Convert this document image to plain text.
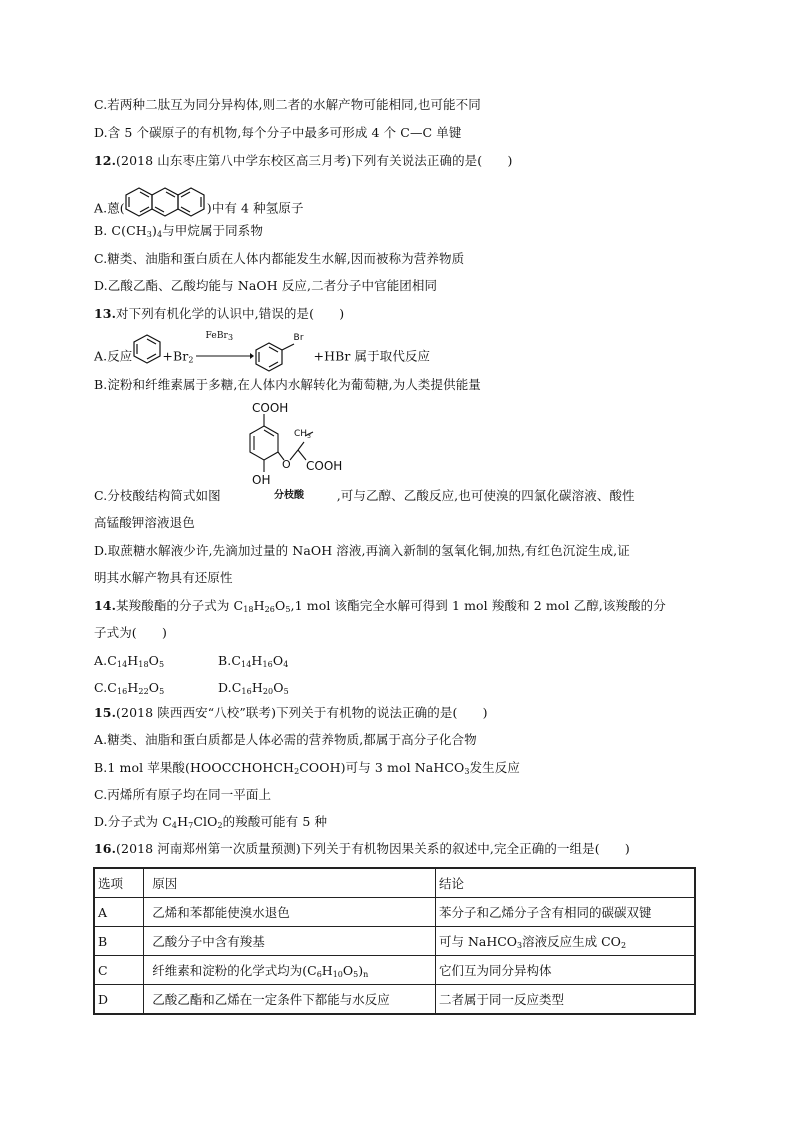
C.若两种二肽互为同分异构体,则二者的水解产物可能相同,也可能不同
D.含 5 个碳原子的有机物,每个分子中最多可形成 4 个 C—C 单键
12.(2018 山东枣庄第八中学东校区高三月考)下列有关说法正确的是(　　)
A.蒽(	)中有 4 种氢原子
B. $C(CH_3)_4$与甲烷属于同系物
C.糖类、油脂和蛋白质在人体内都能发生水解,因而被称为营养物质
D.乙酸乙酯、乙酸均能与 NaOH 反应,二者分子中官能团相同
13.对下列有机化学的认识中,错误的是(　　)
A.反应 $+Br_2$
FeBr$_3$	Br
+HBr 属于取代反应
B.淀粉和纤维素属于多糖,在人体内水解转化为葡萄糖,为人类提供能量
COOH
$CH_3$
O COOH
OH
分枝酸
C.分枝酸结构简式如图	,可与乙醇、乙酸反应,也可使溴的四氯化碳溶液、酸性
高锰酸钾溶液退色
D.取蔗糖水解液少许,先滴加过量的 NaOH 溶液,再滴入新制的氢氧化铜,加热,有红色沉淀生成,证
明其水解产物具有还原性
14.某羧酸酯的分子式为 $C_{18}H_{26}O_5,1$ mol 该酯完全水解可得到 1 mol 羧酸和 2 mol 乙醇,该羧酸的分
子式为(　　)
$A.C_{14}H_{18}O_5$	$B.C_{14}H_{16}O_4$
$C.C_{16}H_{22}O_5$	$D.C_{16}H_{20}O_5$
15.(2018 陕西西安“八校”联考)下列关于有机物的说法正确的是(　　)
A.糖类、油脂和蛋白质都是人体必需的营养物质,都属于高分子化合物
B.1 mol 苹果酸$(HOOCCHOHCH_2COOH)$可与 3 mol NaHCO$_3$发生反应
C.丙烯所有原子均在同一平面上
D.分子式为 $C_4H_7ClO_2$的羧酸可能有 5 种
16.(2018 河南郑州第一次质量预测)下列关于有机物因果关系的叙述中,完全正确的一组是(　　)
选项	原因	结论
A	乙烯和苯都能使溴水退色	苯分子和乙烯分子含有相同的碳碳双键
B	乙酸分子中含有羧基	可与 NaHCO$_3$溶液反应生成 $CO_2$
C	纤维素和淀粉的化学式均为$(C_6H_{10}O_5)_n$	它们互为同分异构体
D	乙酸乙酯和乙烯在一定条件下都能与水反应	二者属于同一反应类型
